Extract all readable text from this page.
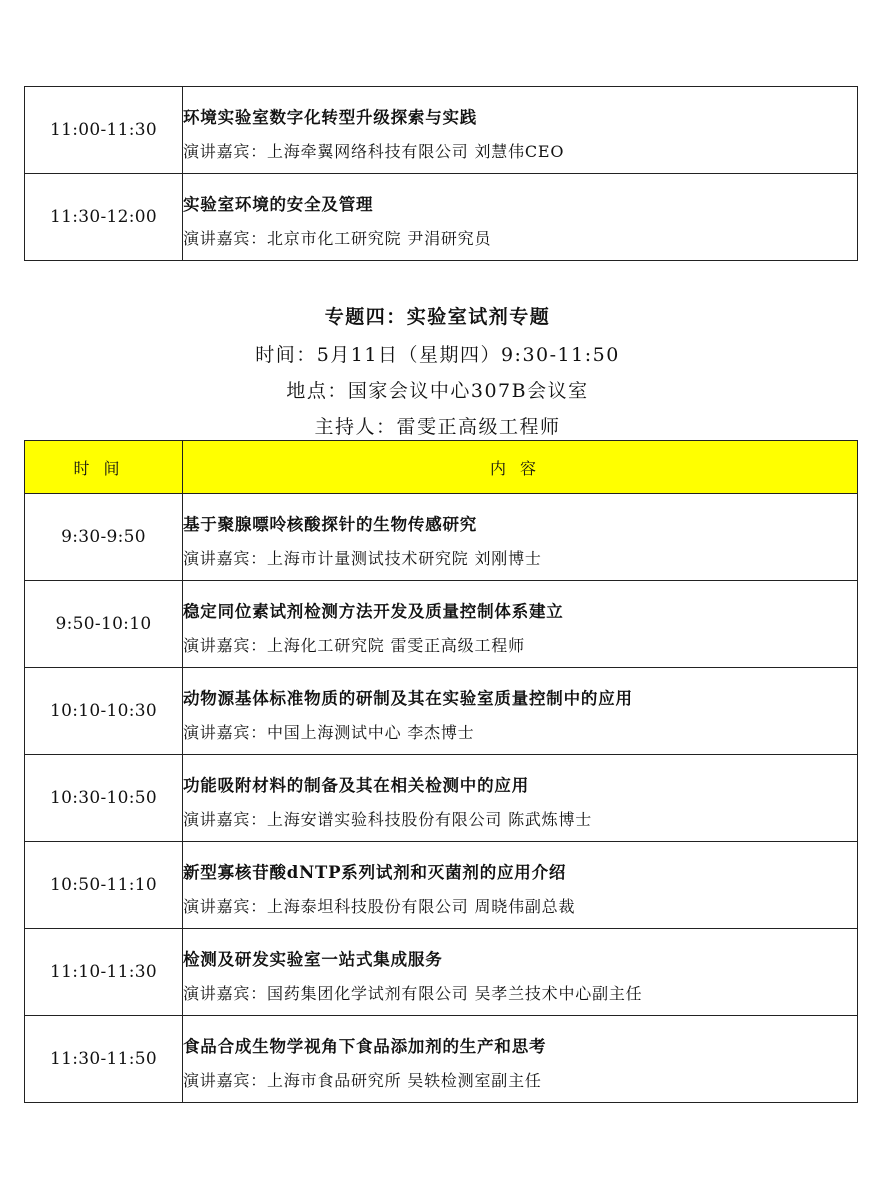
11:00-11:30	环境实验室数字化转型升级探索与实践
演讲嘉宾：上海牵翼网络科技有限公司 刘慧伟CEO

11:30-12:00	实验室环境的安全及管理
演讲嘉宾：北京市化工研究院 尹涓研究员
专题四：实验室试剂专题
时间：5月11日（星期四）9:30-11:50
地点：国家会议中心307B会议室
主持人：雷雯正高级工程师
时间	内容
9:30-9:50	基于聚腺嘌呤核酸探针的生物传感研究
演讲嘉宾：上海市计量测试技术研究院 刘刚博士

9:50-10:10	稳定同位素试剂检测方法开发及质量控制体系建立
演讲嘉宾：上海化工研究院 雷雯正高级工程师

10:10-10:30	动物源基体标准物质的研制及其在实验室质量控制中的应用
演讲嘉宾：中国上海测试中心 李杰博士

10:30-10:50	功能吸附材料的制备及其在相关检测中的应用
演讲嘉宾：上海安谱实验科技股份有限公司 陈武炼博士

10:50-11:10	新型寡核苷酸dNTP系列试剂和灭菌剂的应用介绍
演讲嘉宾：上海泰坦科技股份有限公司 周晓伟副总裁

11:10-11:30	检测及研发实验室一站式集成服务
演讲嘉宾：国药集团化学试剂有限公司 吴孝兰技术中心副主任

11:30-11:50	食品合成生物学视角下食品添加剂的生产和思考
演讲嘉宾：上海市食品研究所 吴轶检测室副主任
